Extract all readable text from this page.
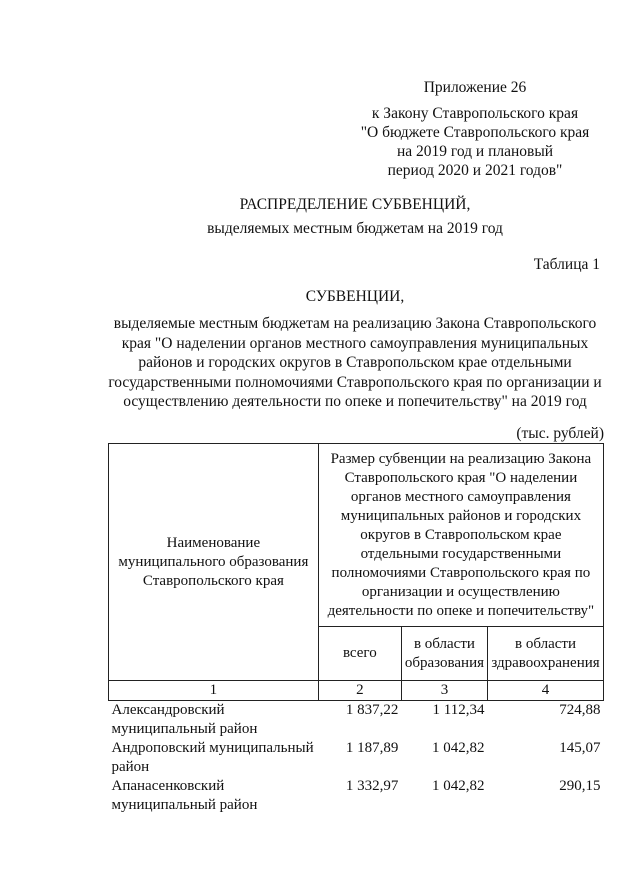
Приложение 26
к Закону Ставропольского края
"О бюджете Ставропольского края
на 2019 год и плановый
период 2020 и 2021 годов"
РАСПРЕДЕЛЕНИЕ СУБВЕНЦИЙ,
выделяемых местным бюджетам на 2019 год
Таблица 1
СУБВЕНЦИИ,
выделяемые местным бюджетам на реализацию Закона Ставропольского
края "О наделении органов местного самоуправления муниципальных
районов и городских округов в Ставропольском крае отдельными
государственными полномочиями Ставропольского края по организации и
осуществлению деятельности по опеке и попечительству" на 2019 год
(тыс. рублей)
Наименование муниципального образования Ставропольского края	Размер субвенции на реализацию Закона Ставропольского края "О наделении органов местного самоуправления муниципальных районов и городских округов в Ставропольском крае отдельными государственными полномочиями Ставропольского края по организации и осуществлению деятельности по опеке и попечительству"		
	всего	в области образования	в области здравоохранения
1	2	3	4
Александровский муниципальный район	1 837,22	1 112,34	724,88
Андроповский муниципальный район	1 187,89	1 042,82	145,07
Апанасенковский муниципальный район	1 332,97	1 042,82	290,15
